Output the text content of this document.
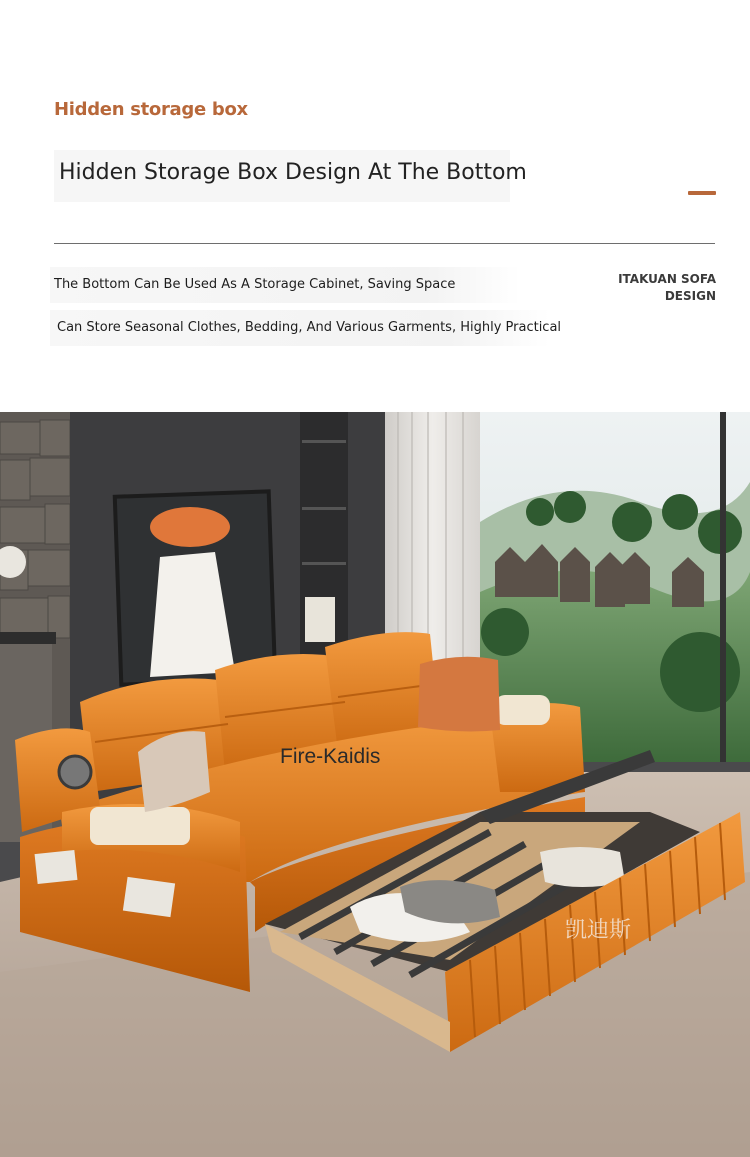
Hidden storage box
Hidden Storage Box Design At The Bottom
The Bottom Can Be Used As A Storage Cabinet, Saving Space
Can Store Seasonal Clothes, Bedding, And Various Garments, Highly Practical
ITAKUAN SOFA
DESIGN
凯迪斯
Fire-Kaidis
